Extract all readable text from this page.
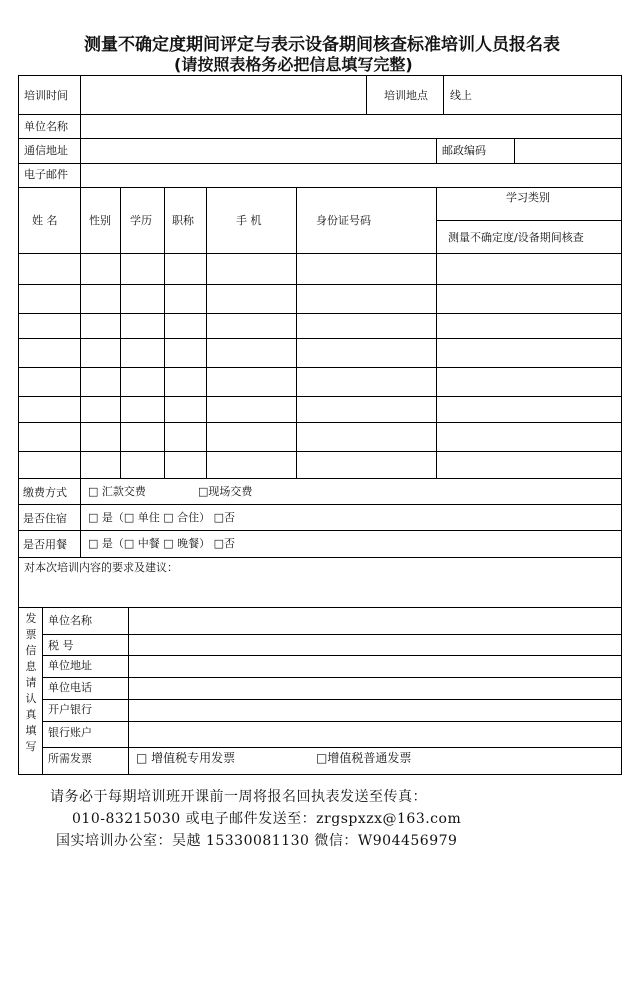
测量不确定度期间评定与表示设备期间核查标准培训人员报名表
(请按照表格务必把信息填写完整)
培训时间	培训地点 线上
单位名称
通信地址	邮政编码
电子邮件
姓 名	性别 学历 职称	手 机	身份证号码
学习类别
测量不确定度/设备期间核查
缴费方式 □ 汇款交费	□现场交费
是否住宿 □ 是（□ 单住 □ 合住） □否
是否用餐 □ 是（□ 中餐 □ 晚餐） □否
对本次培训内容的要求及建议：
发票信息请认真填写
单位名称
税 号
单位地址
单位电话
开户银行
银行账户
所需发票	□ 增值税专用发票	□增值税普通发票
请务必于每期培训班开课前一周将报名回执表发送至传真：
010-83215030 或电子邮件发送至：zrgspxzx@163.com
国实培训办公室：吴越 15330081130 微信：W904456979
